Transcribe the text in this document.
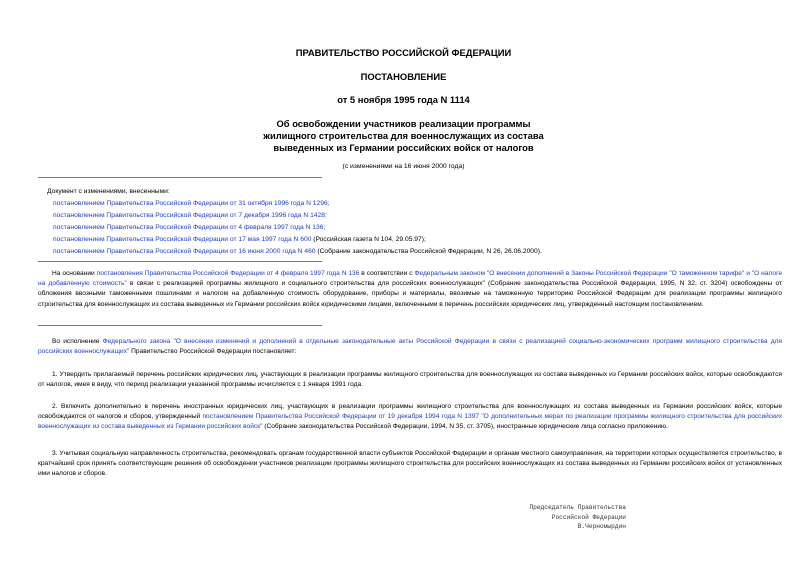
ПРАВИТЕЛЬСТВО РОССИЙСКОЙ ФЕДЕРАЦИИ
ПОСТАНОВЛЕНИЕ
от 5 ноября 1995 года N 1114
Об освобождении участников реализации программы
жилищного строительства для военнослужащих из состава
выведенных из Германии российских войск от налогов
(с изменениями на 16 июня 2000 года)
Документ с изменениями, внесенными:
постановлением Правительства Российской Федерации от 31 октября 1996 года N 1296;
постановлением Правительства Российской Федерации от 7 декабря 1996 года N 1428;
постановлением Правительства Российской Федерации от 4 февраля 1997 года N 136;
постановлением Правительства Российской Федерации от 17 мая 1997 года N 600 (Российская газета N 104, 29.05.97);
постановлением Правительства Российской Федерации от 16 июня 2000 года N 460 (Собрание законодательства Российской Федерации, N 26, 26.06.2000).
На основании постановления Правительства Российской Федерации от 4 февраля 1997 года N 136 в соответствии с Федеральным законом "О внесении дополнений в Законы Российской Федерации "О таможенном тарифе" и "О налоге на добавленную стоимость" в связи с реализацией программы жилищного и социального строительства для российских военнослужащих" (Собрание законодательства Российской Федерации, 1995, N 32, ст. 3204) освобождены от обложения ввозными таможенными пошлинами и налогом на добавленную стоимость оборудование, приборы и материалы, ввозимые на таможенную территорию Российской Федерации для реализации программы жилищного строительства для военнослужащих из состава выведенных из Германии российских войск юридическими лицами, включенными в перечень российских юридических лиц, утвержденный настоящим постановлением.
Во исполнение Федерального закона "О внесении изменений и дополнений в отдельные законодательные акты Российской Федерации в связи с реализацией социально-экономических программ жилищного строительства для российских военнослужащих" Правительство Российской Федерации постановляет:
1. Утвердить прилагаемый перечень российских юридических лиц, участвующих в реализации программы жилищного строительства для военнослужащих из состава выведенных из Германии российских войск, которые освобождаются от налогов, имея в виду, что период реализации указанной программы исчисляется с 1 января 1991 года.
2. Включить дополнительно в перечень иностранных юридических лиц, участвующих в реализации программы жилищного строительства для военнослужащих из состава выведенных из Германии российских войск, которые освобождаются от налогов и сборов, утвержденный постановлением Правительства Российской Федерации от 19 декабря 1994 года N 1397 "О дополнительных мерах по реализации программы жилищного строительства для российских военнослужащих из состава выведенных из Германии российских войск" (Собрание законодательства Российской Федерации, 1994, N 35, ст. 3705), иностранные юридические лица согласно приложению.
3. Учитывая социальную направленность строительства, рекомендовать органам государственной власти субъектов Российской Федерации и органам местного самоуправления, на территории которых осуществляется строительство, в кратчайший срок принять соответствующие решения об освобождении участников реализации программы жилищного строительства для российских военнослужащих из состава выведенных из Германии российских войск от установленных ими налогов и сборов.
Председатель Правительства
Российской Федерации
В.Черномырдин
